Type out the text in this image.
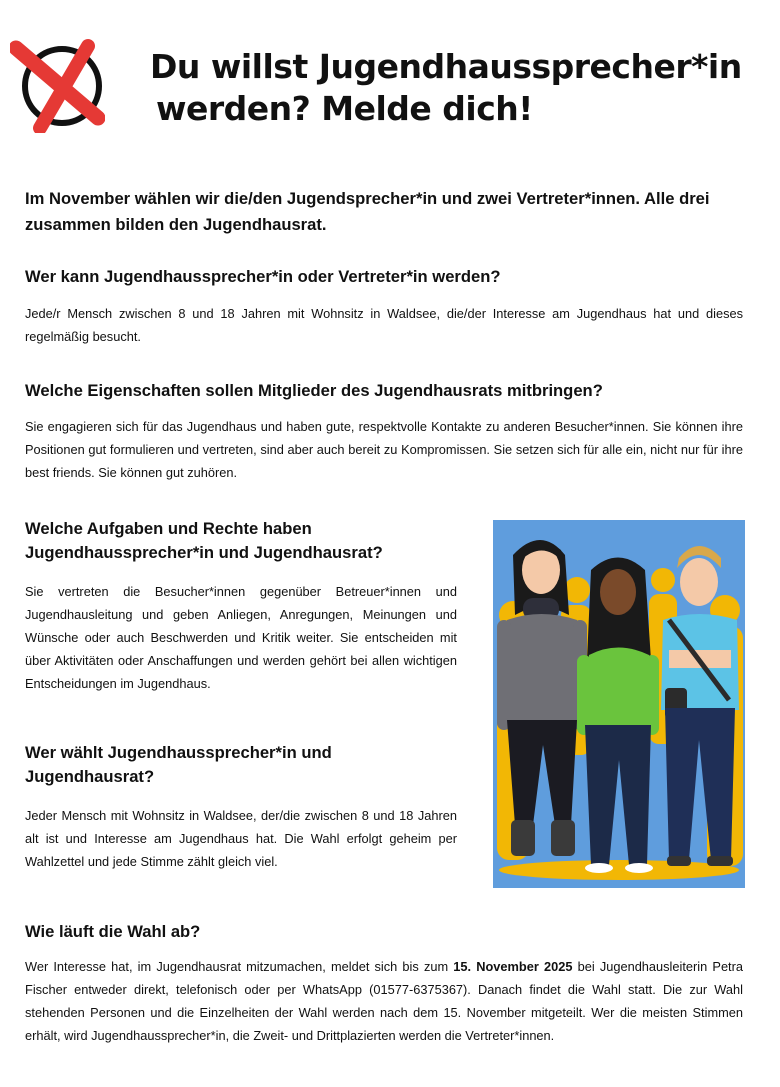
Du willst Jugendhaussprecher*in
werden? Melde dich!

Im November wählen wir die/den Jugendsprecher*in und zwei Vertreter*innen. Alle drei zusammen bilden den Jugendhausrat.

Wer kann Jugendhaussprecher*in oder Vertreter*in werden?

Jede/r Mensch zwischen 8 und 18 Jahren mit Wohnsitz in Waldsee, die/der Interesse am Jugendhaus hat und dieses regelmäßig besucht.

Welche Eigenschaften sollen Mitglieder des Jugendhausrats mitbringen?

Sie engagieren sich für das Jugendhaus und haben gute, respektvolle Kontakte zu anderen Besucher*innen. Sie können ihre Positionen gut formulieren und vertreten, sind aber auch bereit zu Kompromissen. Sie setzen sich für alle ein, nicht nur für ihre best friends. Sie können gut zuhören.

Welche Aufgaben und Rechte haben
Jugendhaussprecher*in und Jugendhausrat?

Sie vertreten die Besucher*innen gegenüber Betreuer*innen und Jugendhausleitung und geben Anliegen, Anregungen, Meinungen und Wünsche oder auch Beschwerden und Kritik weiter. Sie entscheiden mit über Aktivitäten oder Anschaffungen und werden gehört bei allen wichtigen Entscheidungen im Jugendhaus.

Wer wählt Jugendhaussprecher*in und
Jugendhausrat?

Jeder Mensch mit Wohnsitz in Waldsee, der/die zwischen 8 und 18 Jahren alt ist und Interesse am Jugendhaus hat. Die Wahl erfolgt geheim per Wahlzettel und jede Stimme zählt gleich viel.

Wie läuft die Wahl ab?

Wer Interesse hat, im Jugendhausrat mitzumachen, meldet sich bis zum 15. November 2025 bei Jugendhausleiterin Petra Fischer entweder direkt, telefonisch oder per WhatsApp (01577-6375367). Danach findet die Wahl statt. Die zur Wahl stehenden Personen und die Einzelheiten der Wahl werden nach dem 15. November mitgeteilt. Wer die meisten Stimmen erhält, wird Jugendhaussprecher*in, die Zweit- und Drittplazierten werden die Vertreter*innen.
